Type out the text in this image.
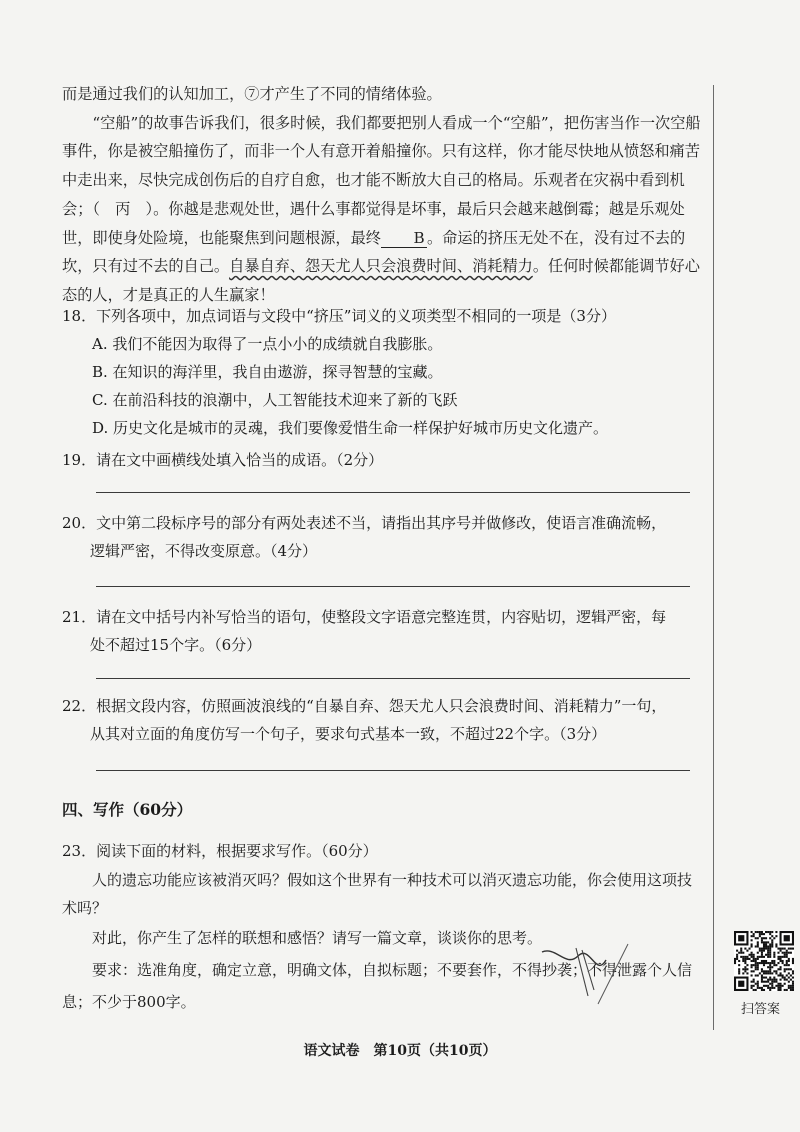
而是通过我们的认知加工，⑦才产生了不同的情绪体验。

“空船”的故事告诉我们，很多时候，我们都要把别人看成一个“空船”，把伤害当作一次空船事件，你是被空船撞伤了，而非一个人有意开着船撞你。只有这样，你才能尽快地从愤怒和痛苦中走出来，尽快完成创伤后的自疗自愈，也才能不断放大自己的格局。乐观者在灾祸中看到机会；（　丙　）。你越是悲观处世，遇什么事都觉得是坏事，最后只会越来越倒霉；越是乐观处世，即使身处险境，也能聚焦到问题根源，最终 B 。命运的挤压无处不在，没有过不去的坎，只有过不去的自己。自暴自弃、怨天尤人只会浪费时间、消耗精力。任何时候都能调节好心态的人，才是真正的人生赢家！

18．下列各项中，加点词语与文段中“挤压”词义的义项类型不相同的一项是（3分）

A. 我们不能因为取得了一点小小的成绩就自我膨胀。

B. 在知识的海洋里，我自由遨游，探寻智慧的宝藏。

C. 在前沿科技的浪潮中，人工智能技术迎来了新的飞跃

D. 历史文化是城市的灵魂，我们要像爱惜生命一样保护好城市历史文化遗产。

19．请在文中画横线处填入恰当的成语。（2分）

20．文中第二段标序号的部分有两处表述不当，请指出其序号并做修改，使语言准确流畅，

逻辑严密，不得改变原意。（4分）

21．请在文中括号内补写恰当的语句，使整段文字语意完整连贯，内容贴切，逻辑严密，每

处不超过15个字。（6分）

22．根据文段内容，仿照画波浪线的“自暴自弃、怨天尤人只会浪费时间、消耗精力”一句，

从其对立面的角度仿写一个句子，要求句式基本一致，不超过22个字。（3分）

四、写作（60分）

23．阅读下面的材料，根据要求写作。（60分）

人的遗忘功能应该被消灭吗？假如这个世界有一种技术可以消灭遗忘功能，你会使用这项技术吗？

对此，你产生了怎样的联想和感悟？请写一篇文章，谈谈你的思考。

要求：选准角度，确定立意，明确文体，自拟标题；不要套作，不得抄袭；不得泄露个人信息；不少于800字。	扫答案
语文试卷　第10页（共10页）
